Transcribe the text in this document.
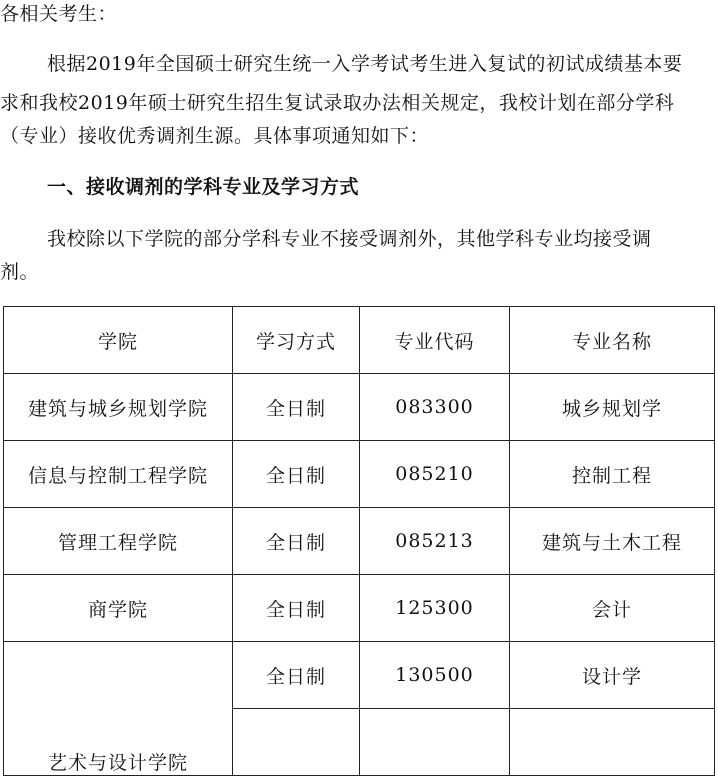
各相关考生：
根据2019年全国硕士研究生统一入学考试考生进入复试的初试成绩基本要
求和我校2019年硕士研究生招生复试录取办法相关规定，我校计划在部分学科
（专业）接收优秀调剂生源。具体事项通知如下：
一、接收调剂的学科专业及学习方式
我校除以下学院的部分学科专业不接受调剂外，其他学科专业均接受调
剂。
学院	学习方式	专业代码	专业名称
建筑与城乡规划学院	全日制	083300	城乡规划学
信息与控制工程学院	全日制	085210	控制工程
管理工程学院	全日制	085213	建筑与土木工程
商学院	全日制	125300	会计

艺术与设计学院	全日制	130500	设计学
